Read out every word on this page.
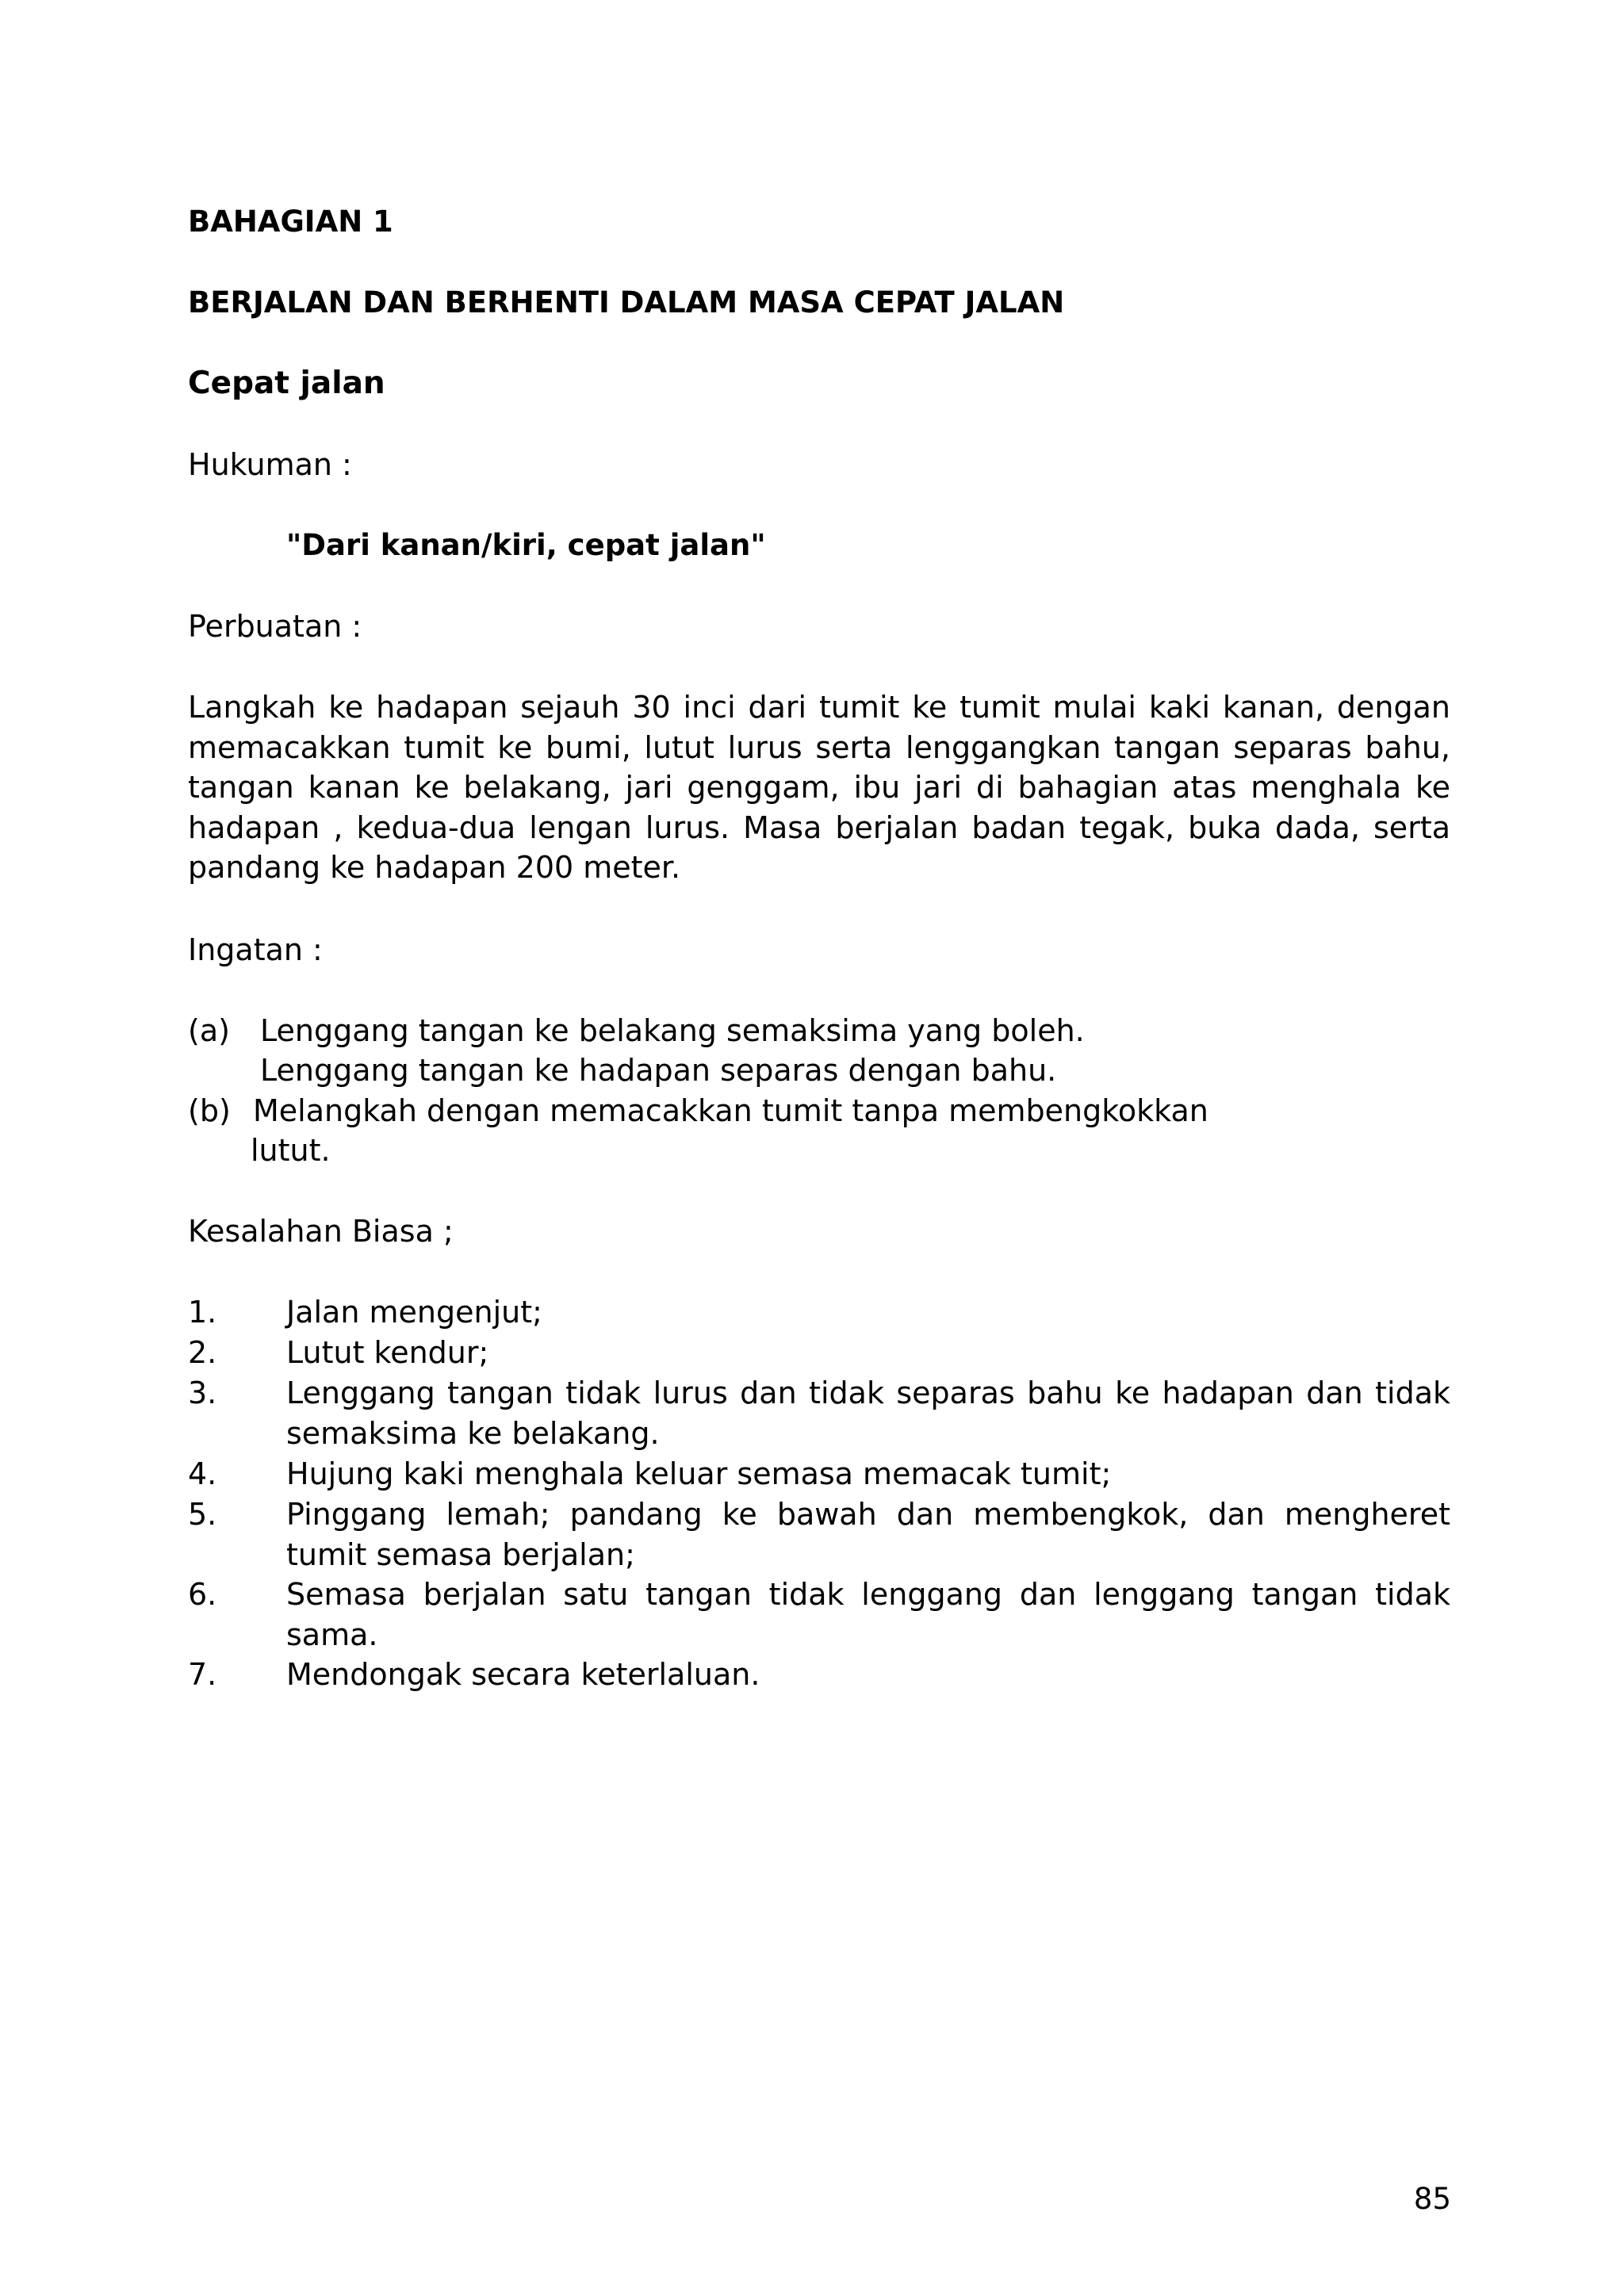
BAHAGIAN 1

BERJALAN DAN BERHENTI DALAM MASA CEPAT JALAN

Cepat jalan

Hukuman :

"Dari kanan/kiri, cepat jalan"

Perbuatan :

Langkah ke hadapan sejauh 30 inci dari tumit ke tumit mulai kaki kanan, dengan memacakkan tumit ke bumi, lutut lurus serta lenggangkan tangan separas bahu, tangan kanan ke belakang, jari genggam, ibu jari di bahagian atas menghala ke hadapan , kedua-dua lengan lurus. Masa berjalan badan tegak, buka dada, serta pandang ke hadapan 200 meter.

Ingatan :

(a) Lenggang tangan ke belakang semaksima yang boleh.

Lenggang tangan ke hadapan separas dengan bahu.

(b) Melangkah dengan memacakkan tumit tanpa membengkokkan

lutut.

Kesalahan Biasa ;

1. Jalan mengenjut;
2. Lutut kendur;
3. Lenggang tangan tidak lurus dan tidak separas bahu ke hadapan dan tidak semaksima ke belakang.
4. Hujung kaki menghala keluar semasa memacak tumit;
5. Pinggang lemah; pandang ke bawah dan membengkok, dan mengheret tumit semasa berjalan;
6. Semasa berjalan satu tangan tidak lenggang dan lenggang tangan tidak sama.
7. Mendongak secara keterlaluan.

85
